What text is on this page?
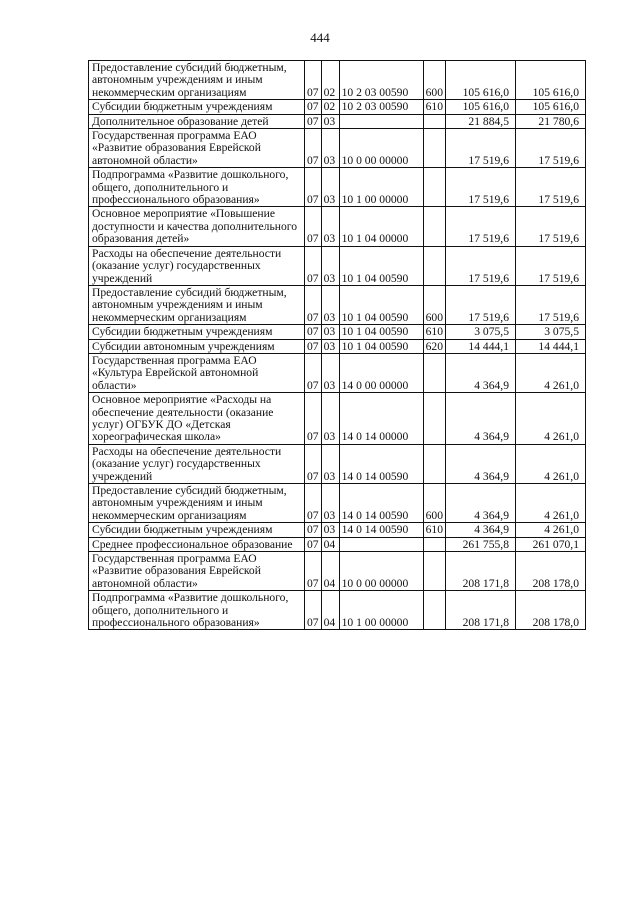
444
Предоставление субсидий бюджетным, автономным учреждениям и иным некоммерческим организациям	07	02	10 2 03 00590	600	105 616,0	105 616,0
Субсидии бюджетным учреждениям	07	02	10 2 03 00590	610	105 616,0	105 616,0
Дополнительное образование детей	07	03			21 884,5	21 780,6
Государственная программа ЕАО «Развитие образования Еврейской автономной области»	07	03	10 0 00 00000		17 519,6	17 519,6
Подпрограмма «Развитие дошкольного, общего, дополнительного и профессионального образования»	07	03	10 1 00 00000		17 519,6	17 519,6
Основное мероприятие «Повышение доступности и качества дополнительного образования детей»	07	03	10 1 04 00000		17 519,6	17 519,6
Расходы на обеспечение деятельности (оказание услуг) государственных учреждений	07	03	10 1 04 00590		17 519,6	17 519,6
Предоставление субсидий бюджетным, автономным учреждениям и иным некоммерческим организациям	07	03	10 1 04 00590	600	17 519,6	17 519,6
Субсидии бюджетным учреждениям	07	03	10 1 04 00590	610	3 075,5	3 075,5
Субсидии автономным учреждениям	07	03	10 1 04 00590	620	14 444,1	14 444,1
Государственная программа ЕАО «Культура Еврейской автономной области»	07	03	14 0 00 00000		4 364,9	4 261,0
Основное мероприятие «Расходы на обеспечение деятельности (оказание услуг) ОГБУК ДО «Детская хореографическая школа»	07	03	14 0 14 00000		4 364,9	4 261,0
Расходы на обеспечение деятельности (оказание услуг) государственных учреждений	07	03	14 0 14 00590		4 364,9	4 261,0
Предоставление субсидий бюджетным, автономным учреждениям и иным некоммерческим организациям	07	03	14 0 14 00590	600	4 364,9	4 261,0
Субсидии бюджетным учреждениям	07	03	14 0 14 00590	610	4 364,9	4 261,0
Среднее профессиональное образование	07	04			261 755,8	261 070,1
Государственная программа ЕАО «Развитие образования Еврейской автономной области»	07	04	10 0 00 00000		208 171,8	208 178,0
Подпрограмма «Развитие дошкольного, общего, дополнительного и профессионального образования»	07	04	10 1 00 00000		208 171,8	208 178,0
